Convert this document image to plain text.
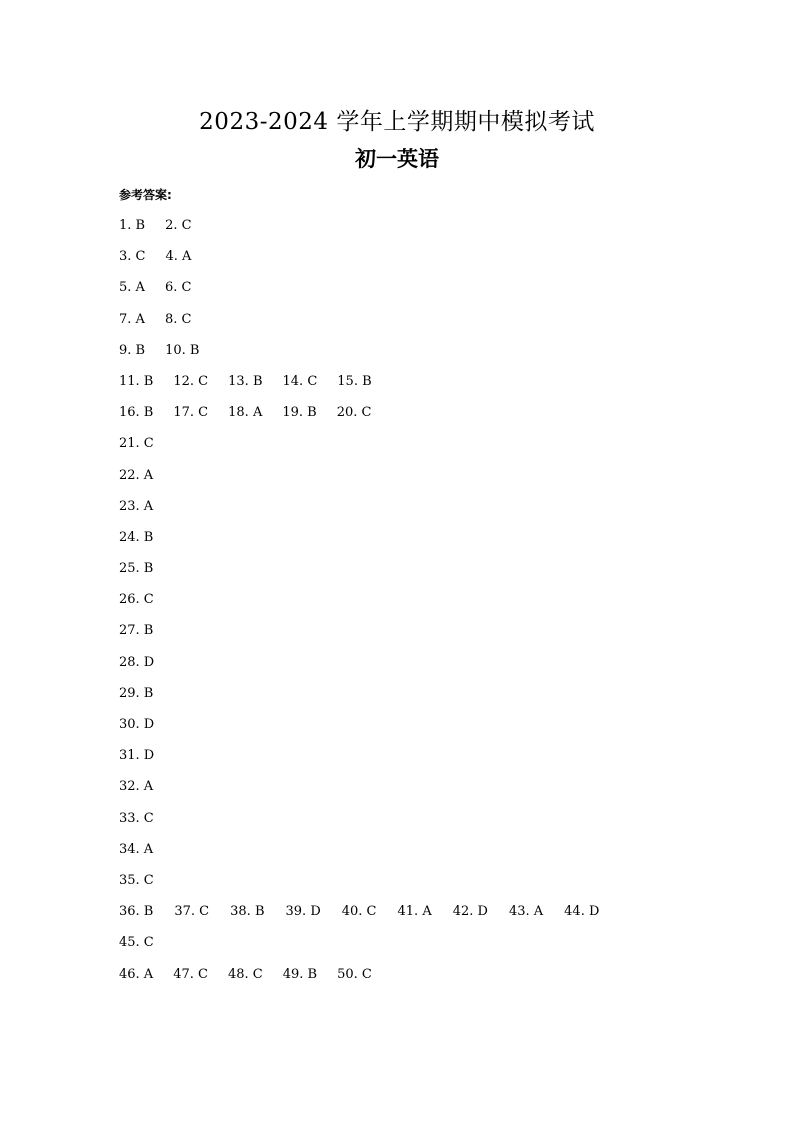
2023-2024 学年上学期期中模拟考试
初一英语
参考答案:
1. B 2. C
3. C 4. A
5. A 6. C
7. A 8. C
9. B 10. B
11. B 12. C 13. B 14. C 15. B
16. B 17. C 18. A 19. B 20. C
21. C
22. A
23. A
24. B
25. B
26. C
27. B
28. D
29. B
30. D
31. D
32. A
33. C
34. A
35. C
36. B 37. C 38. B 39. D 40. C 41. A 42. D 43. A 44. D
45. C
46. A 47. C 48. C 49. B 50. C
